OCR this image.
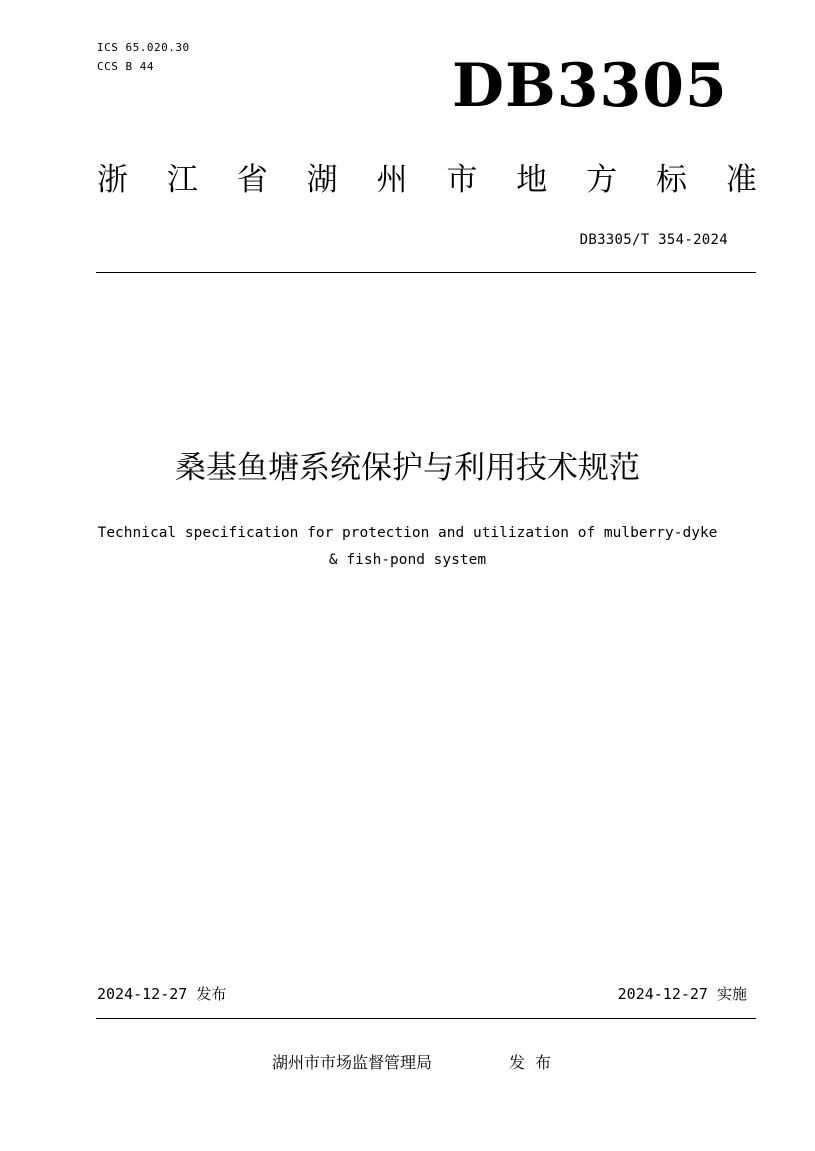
ICS 65.020.30
CCS B 44	DB3305
浙 江 省 湖 州 市 地 方 标 准
DB3305/T 354-2024
桑基鱼塘系统保护与利用技术规范
Technical specification for protection and utilization of mulberry-dyke
& fish-pond system
2024-12-27 发布	2024-12-27 实施
湖州市市场监督管理局	发布
